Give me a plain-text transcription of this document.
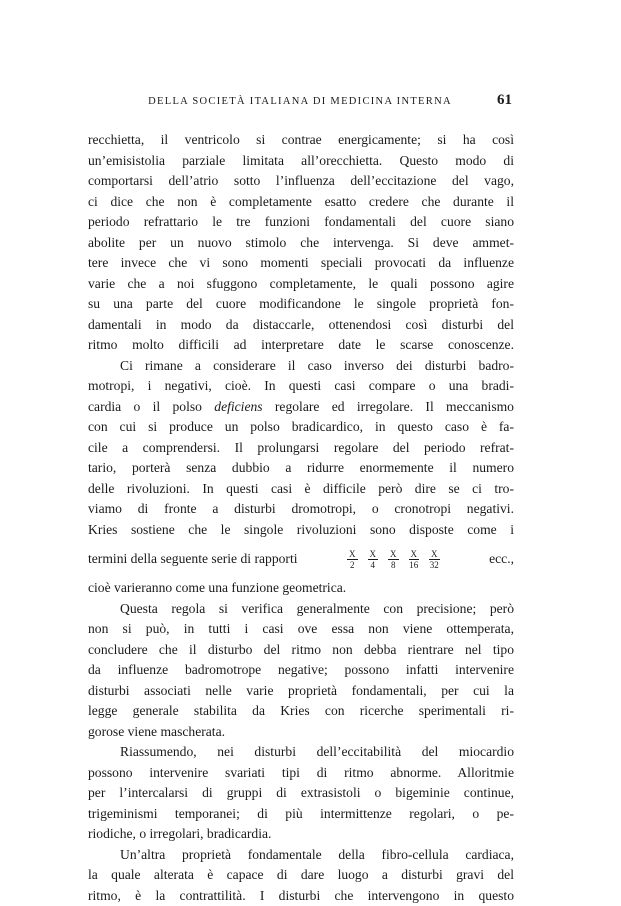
DELLA SOCIETÀ ITALIANA DI MEDICINA INTERNA	61
recchietta, il ventricolo si contrae energicamente; si ha così
un’emisistolia parziale limitata all’orecchietta. Questo modo di
comportarsi dell’atrio sotto l’influenza dell’eccitazione del vago,
ci dice che non è completamente esatto credere che durante il
periodo refrattario le tre funzioni fondamentali del cuore siano
abolite per un nuovo stimolo che intervenga. Si deve ammet-
tere invece che vi sono momenti speciali provocati da influenze
varie che a noi sfuggono completamente, le quali possono agire
su una parte del cuore modificandone le singole proprietà fon-
damentali in modo da distaccarle, ottenendosi così disturbi del
ritmo molto difficili ad interpretare date le scarse conoscenze.
Ci rimane a considerare il caso inverso dei disturbi badro-
motropi, i negativi, cioè. In questi casi compare o una bradi-
cardia o il polso deficiens regolare ed irregolare. Il meccanismo
con cui si produce un polso bradicardico, in questo caso è fa-
cile a comprendersi. Il prolungarsi regolare del periodo refrat-
tario, porterà senza dubbio a ridurre enormemente il numero
delle rivoluzioni. In questi casi è difficile però dire se ci tro-
viamo di fronte a disturbi dromotropi, o cronotropi negativi.
Kries sostiene che le singole rivoluzioni sono disposte come i
termini della seguente serie di rapporti	$\frac{X}{2} \frac{X}{4} \frac{X}{8} \frac{X}{16} \frac{X}{32}$	ecc.,
cioè varieranno come una funzione geometrica.
Questa regola si verifica generalmente con precisione; però
non si può, in tutti i casi ove essa non viene ottemperata,
concludere che il disturbo del ritmo non debba rientrare nel tipo
da influenze badromotrope negative; possono infatti intervenire
disturbi associati nelle varie proprietà fondamentali, per cui la
legge generale stabilita da Kries con ricerche sperimentali ri-
gorose viene mascherata.
Riassumendo, nei disturbi dell’eccitabilità del miocardio
possono intervenire svariati tipi di ritmo abnorme. Alloritmie
per l’intercalarsi di gruppi di extrasistoli o bigeminie continue,
trigeminismi temporanei; di più intermittenze regolari, o pe-
riodiche, o irregolari, bradicardia.
Un’altra proprietà fondamentale della fibro-cellula cardiaca,
la quale alterata è capace di dare luogo a disturbi gravi del
ritmo, è la contrattilità. I disturbi che intervengono in questo
